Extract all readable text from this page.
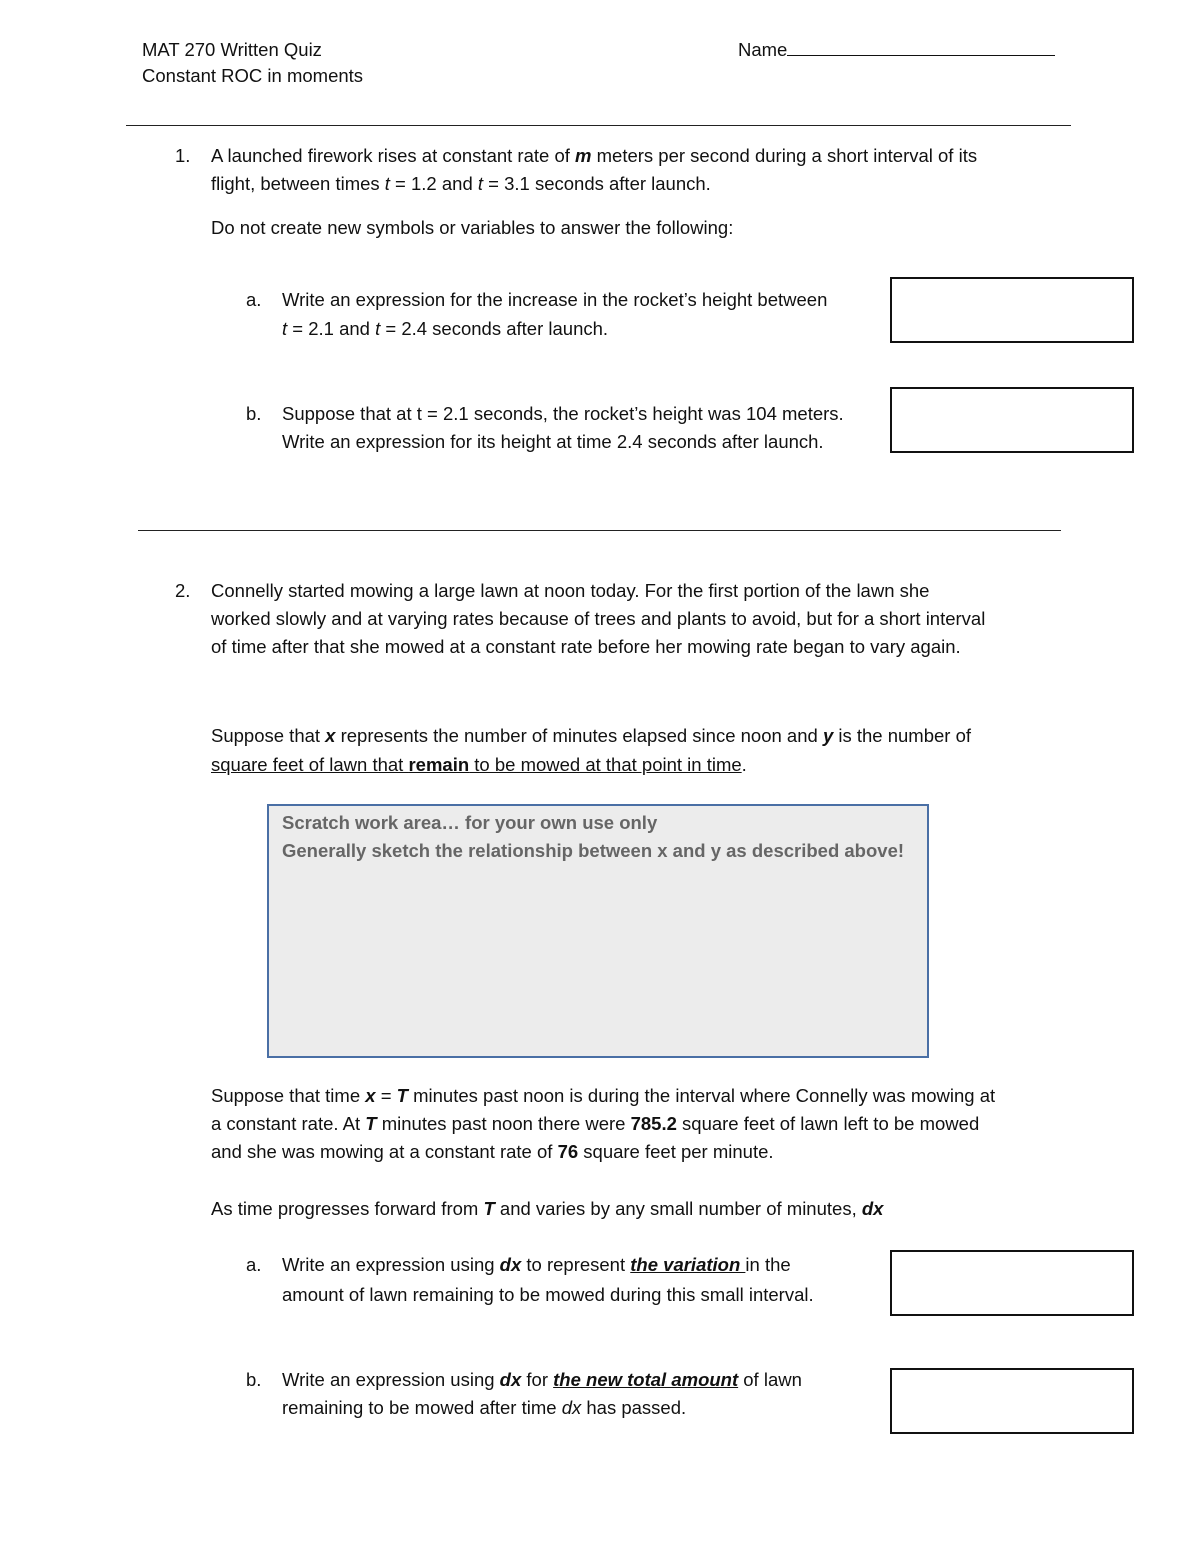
MAT 270 Written Quiz
Constant ROC in moments
Name
1. A launched firework rises at constant rate of m meters per second during a short interval of its
flight, between times t = 1.2 and t = 3.1 seconds after launch.
Do not create new symbols or variables to answer the following:
a. Write an expression for the increase in the rocket’s height between
t = 2.1 and t = 2.4 seconds after launch.
b. Suppose that at t = 2.1 seconds, the rocket’s height was 104 meters.
Write an expression for its height at time 2.4 seconds after launch.
2. Connelly started mowing a large lawn at noon today. For the first portion of the lawn she
worked slowly and at varying rates because of trees and plants to avoid, but for a short interval
of time after that she mowed at a constant rate before her mowing rate began to vary again.
Suppose that x represents the number of minutes elapsed since noon and y is the number of
square feet of lawn that remain to be mowed at that point in time.
Scratch work area… for your own use only
Generally sketch the relationship between x and y as described above!
Suppose that time x = T minutes past noon is during the interval where Connelly was mowing at
a constant rate. At T minutes past noon there were 785.2 square feet of lawn left to be mowed
and she was mowing at a constant rate of 76 square feet per minute.
As time progresses forward from T and varies by any small number of minutes, dx
a. Write an expression using dx to represent the variation in the
amount of lawn remaining to be mowed during this small interval.
b. Write an expression using dx for the new total amount of lawn
remaining to be mowed after time dx has passed.
